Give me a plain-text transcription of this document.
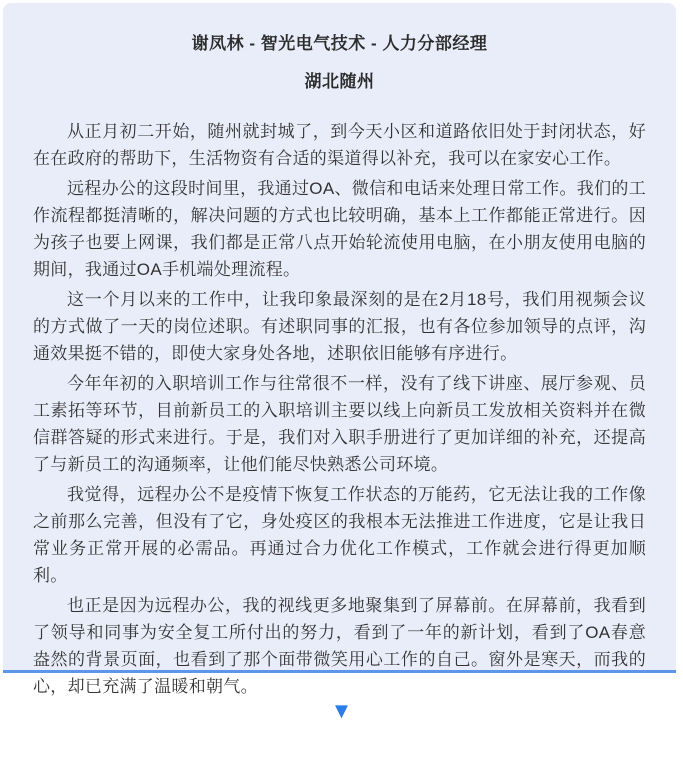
谢凤林 - 智光电气技术 - 人力分部经理
湖北随州

从正月初二开始，随州就封城了，到今天小区和道路依旧处于封闭状态，好在在政府的帮助下，生活物资有合适的渠道得以补充，我可以在家安心工作。

远程办公的这段时间里，我通过OA、微信和电话来处理日常工作。我们的工作流程都挺清晰的，解决问题的方式也比较明确，基本上工作都能正常进行。因为孩子也要上网课，我们都是正常八点开始轮流使用电脑，在小朋友使用电脑的期间，我通过OA手机端处理流程。

这一个月以来的工作中，让我印象最深刻的是在2月18号，我们用视频会议的方式做了一天的岗位述职。有述职同事的汇报，也有各位参加领导的点评，沟通效果挺不错的，即使大家身处各地，述职依旧能够有序进行。

今年年初的入职培训工作与往常很不一样，没有了线下讲座、展厅参观、员工素拓等环节，目前新员工的入职培训主要以线上向新员工发放相关资料并在微信群答疑的形式来进行。于是，我们对入职手册进行了更加详细的补充，还提高了与新员工的沟通频率，让他们能尽快熟悉公司环境。

我觉得，远程办公不是疫情下恢复工作状态的万能药，它无法让我的工作像之前那么完善，但没有了它，身处疫区的我根本无法推进工作进度，它是让我日常业务正常开展的必需品。再通过合力优化工作模式，工作就会进行得更加顺利。

也正是因为远程办公，我的视线更多地聚集到了屏幕前。在屏幕前，我看到了领导和同事为安全复工所付出的努力，看到了一年的新计划，看到了OA春意盎然的背景页面，也看到了那个面带微笑用心工作的自己。窗外是寒天，而我的心，却已充满了温暖和朝气。

▼
